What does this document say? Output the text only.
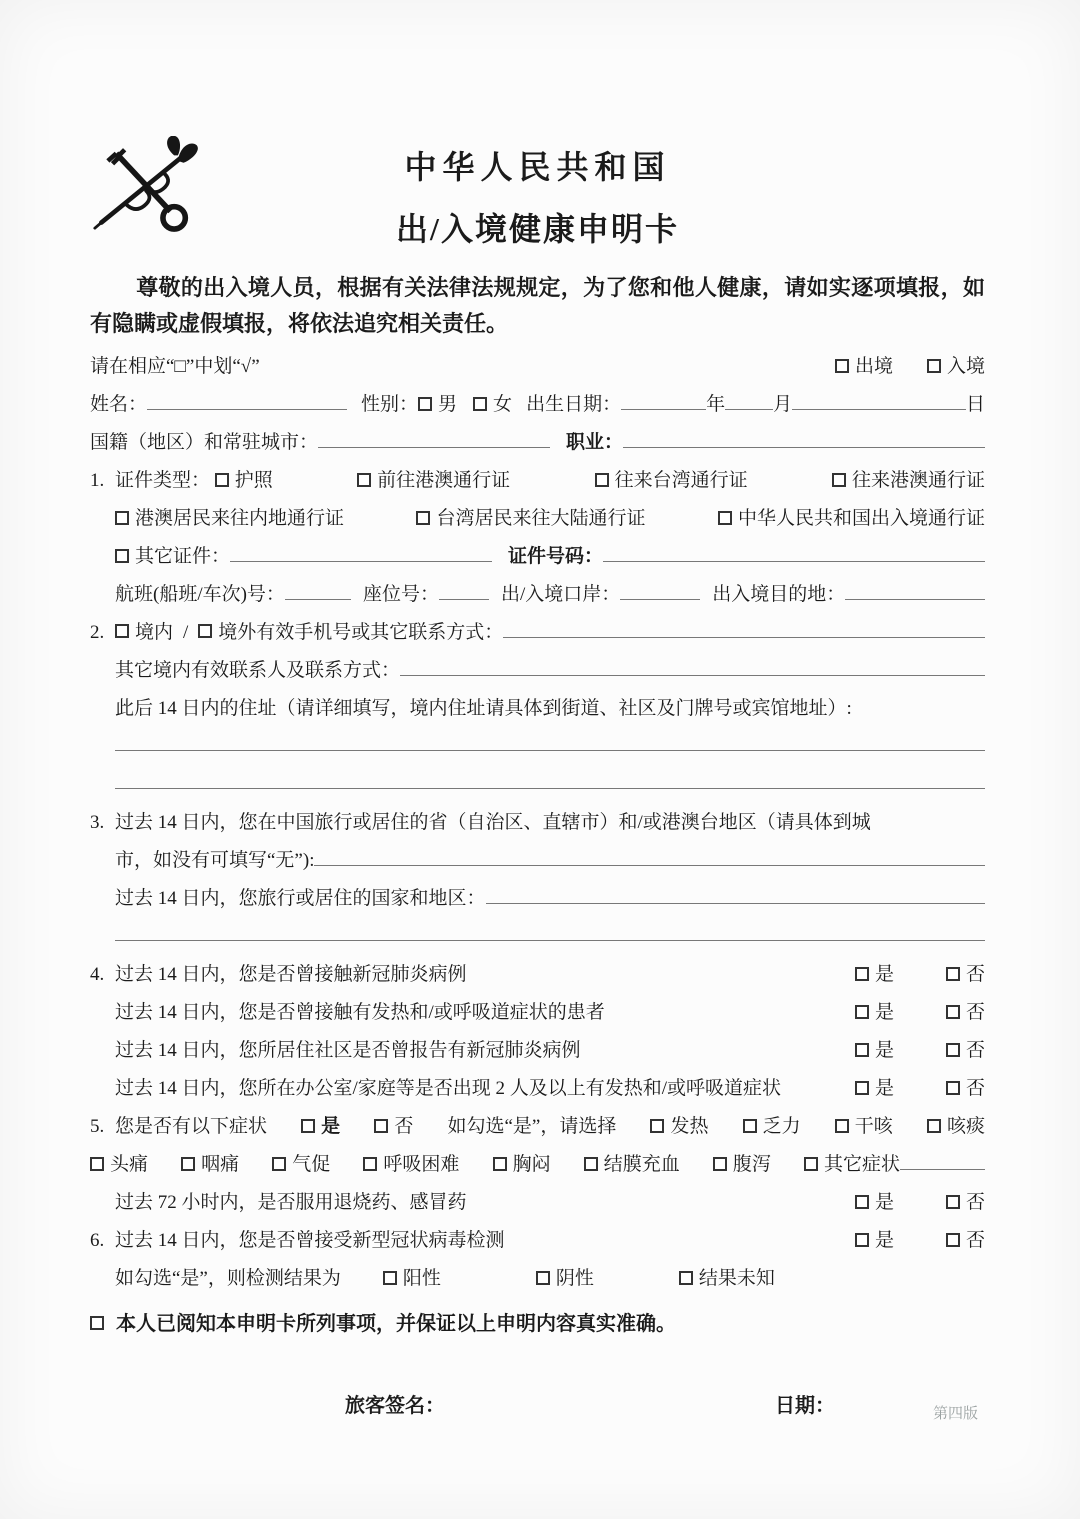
中华人民共和国
出/入境健康申明卡

尊敬的出入境人员，根据有关法律法规规定，为了您和他人健康，请如实逐项填报，如有隐瞒或虚假填报，将依法追究相关责任。

请在相应“□”中划“√”	出境	入境
姓名：	性别：	男	女 出生日期：	年	月	日
国籍（地区）和常驻城市：	职业：
1. 证件类型： 护照	前往港澳通行证	往来台湾通行证	往来港澳通行证
港澳居民来往内地通行证	台湾居民来往大陆通行证	中华人民共和国出入境通行证
其它证件：	证件号码：
航班(船班/车次)号：	座位号：	出/入境口岸：	出入境目的地：
2.	境内 / 境外有效手机号或其它联系方式：
其它境内有效联系人及联系方式：
此后 14 日内的住址（请详细填写，境内住址请具体到街道、社区及门牌号或宾馆地址）:
3. 过去 14 日内，您在中国旅行或居住的省（自治区、直辖市）和/或港澳台地区（请具体到城
市，如没有可填写“无”):
过去 14 日内，您旅行或居住的国家和地区：
4. 过去 14 日内，您是否曾接触新冠肺炎病例	是	否
过去 14 日内，您是否曾接触有发热和/或呼吸道症状的患者	是	否
过去 14 日内，您所居住社区是否曾报告有新冠肺炎病例	是	否
过去 14 日内，您所在办公室/家庭等是否出现 2 人及以上有发热和/或呼吸道症状	是	否
5. 您是否有以下症状	是	否 如勾选“是”，请选择	发热	乏力	干咳	咳痰
头痛	咽痛	气促	呼吸困难	胸闷	结膜充血	腹泻	其它症状
过去 72 小时内，是否服用退烧药、感冒药	是	否
6. 过去 14 日内，您是否曾接受新型冠状病毒检测	是	否
如勾选“是”，则检测结果为	阳性	阴性	结果未知
本人已阅知本申明卡所列事项，并保证以上申明内容真实准确。
旅客签名：	日期：	第四版
